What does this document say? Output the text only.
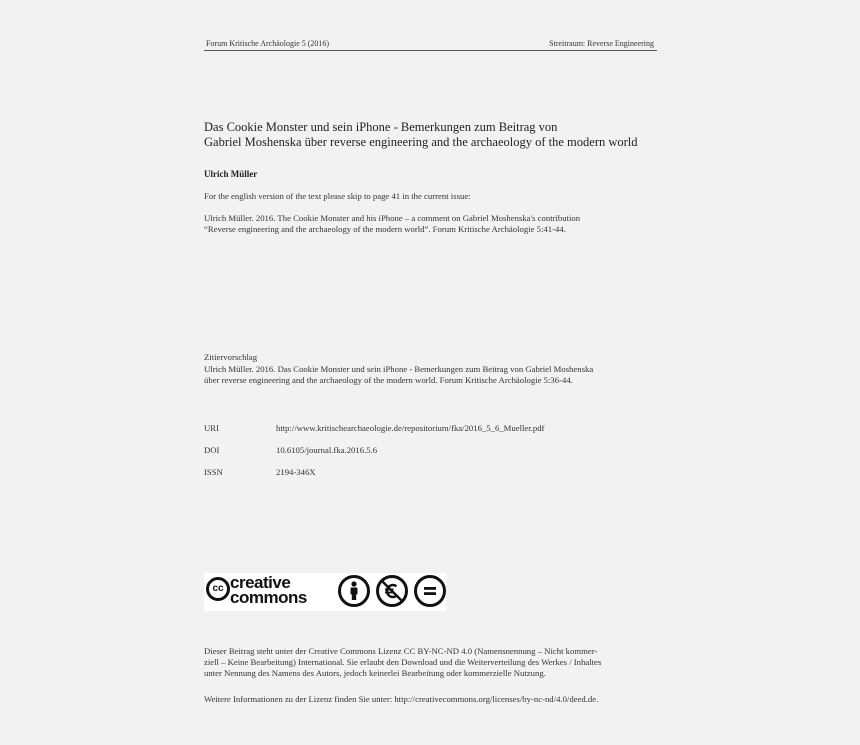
Forum Kritische Archäologie 5 (2016)	Streitraum: Reverse Engineering
Das Cookie Monster und sein iPhone - Bemerkungen zum Beitrag von
Gabriel Moshenska über reverse engineering and the archaeology of the modern world
Ulrich Müller
For the english version of the text please skip to page 41 in the current issue:
Ulrich Müller. 2016. The Cookie Monster and his iPhone – a comment on Gabriel Moshenska's contribution
“Reverse engineering and the archaeology of the modern world”. Forum Kritische Archäologie 5:41-44.
Zitiervorschlag
Ulrich Müller. 2016. Das Cookie Monster und sein iPhone - Bemerkungen zum Beitrag von Gabriel Moshenska
über reverse engineering and the archaeology of the modern world. Forum Kritische Archäologie 5:36-44.
URI	http://www.kritischearchaeologie.de/repositorium/fka/2016_5_6_Mueller.pdf
DOI	10.6105/journal.fka.2016.5.6
ISSN	2194-346X
cc creative
commons
Dieser Beitrag steht unter der Creative Commons Lizenz CC BY-NC-ND 4.0 (Namensnennung – Nicht kommer-
ziell – Keine Bearbeitung) International. Sie erlaubt den Download und die Weiterverteilung des Werkes / Inhaltes
unter Nennung des Namens des Autors, jedoch keinerlei Bearbeitung oder kommerzielle Nutzung.
Weitere Informationen zu der Lizenz finden Sie unter: http://creativecommons.org/licenses/by-nc-nd/4.0/deed.de.
